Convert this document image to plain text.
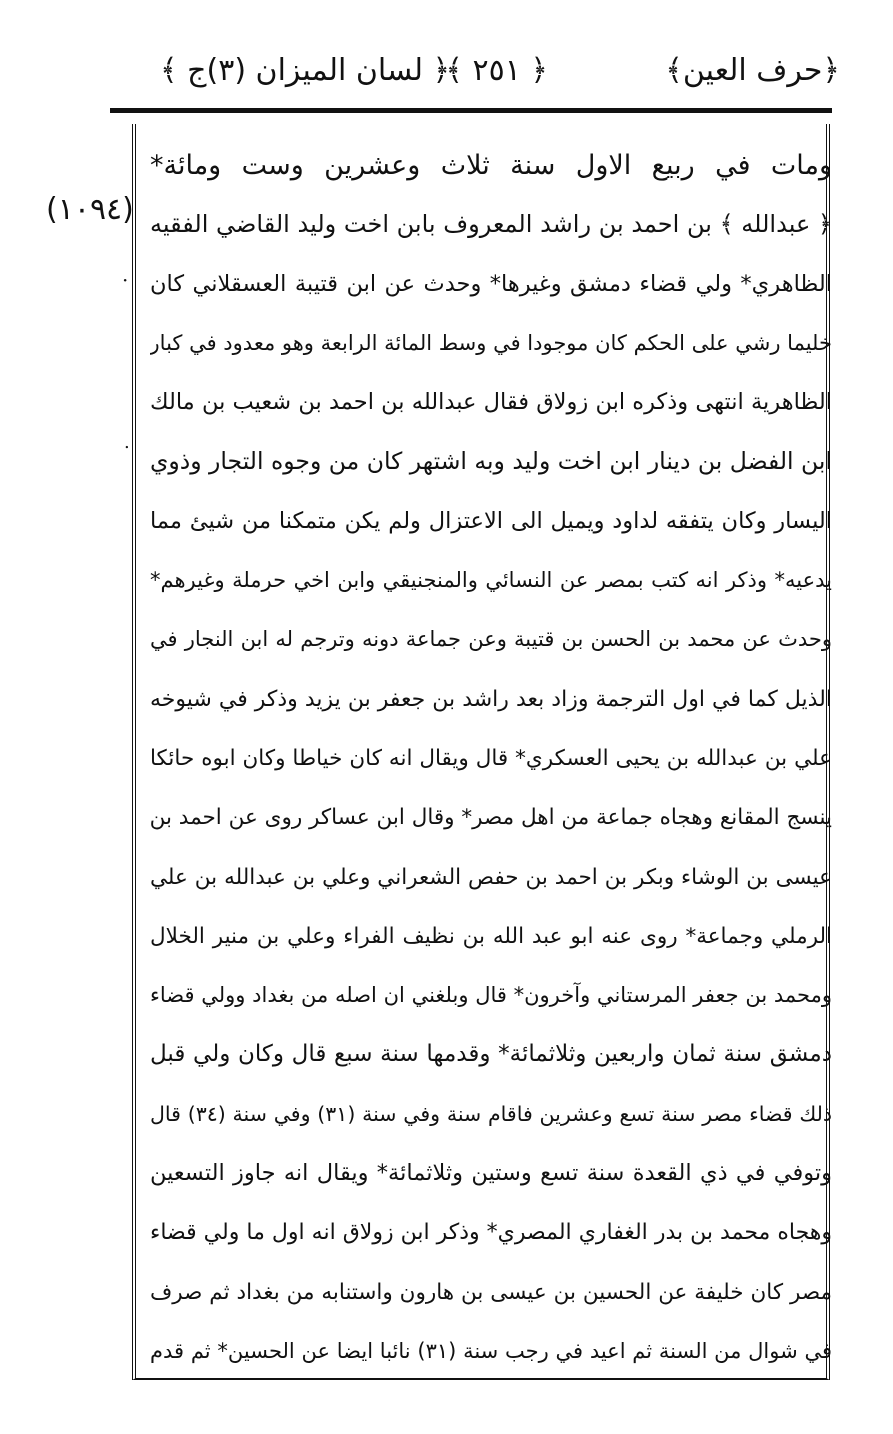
﴿حرف العين﴾
﴿ ٢٥١ ﴾
﴿ لسان الميزان (٣)ج ﴾
(١٠٩٤)
·
.
ومات في ربيع الاول سنة ثلاث وعشرين وست ومائة*
﴿ عبدالله ﴾ بن احمد بن راشد المعروف بابن اخت وليد القاضي الفقيه
الظاهري* ولي قضاء دمشق وغيرها* وحدث عن ابن قتيبة العسقلاني كان
خليما رشي على الحكم كان موجودا في وسط المائة الرابعة وهو معدود في كبار
الظاهرية انتهى وذكره ابن زولاق فقال عبدالله بن احمد بن شعيب بن مالك
ابن الفضل بن دينار ابن اخت وليد وبه اشتهر كان من وجوه التجار وذوي
اليسار وكان يتفقه لداود ويميل الى الاعتزال ولم يكن متمكنا من شيئ مما
يدعيه* وذكر انه كتب بمصر عن النسائي والمنجنيقي وابن اخي حرملة وغيرهم*
وحدث عن محمد بن الحسن بن قتيبة وعن جماعة دونه وترجم له ابن النجار في
الذيل كما في اول الترجمة وزاد بعد راشد بن جعفر بن يزيد وذكر في شيوخه
علي بن عبدالله بن يحيى العسكري* قال ويقال انه كان خياطا وكان ابوه حائكا
ينسج المقانع وهجاه جماعة من اهل مصر* وقال ابن عساكر روى عن احمد بن
عيسى بن الوشاء وبكر بن احمد بن حفص الشعراني وعلي بن عبدالله بن علي
الرملي وجماعة* روى عنه ابو عبد الله بن نظيف الفراء وعلي بن منير الخلال
ومحمد بن جعفر المرستاني وآخرون* قال وبلغني ان اصله من بغداد وولي قضاء
دمشق سنة ثمان واربعين وثلاثمائة* وقدمها سنة سبع قال وكان ولي قبل
ذلك قضاء مصر سنة تسع وعشرين فاقام سنة وفي سنة (٣١) وفي سنة (٣٤) قال
وتوفي في ذي القعدة سنة تسع وستين وثلاثمائة* ويقال انه جاوز التسعين
وهجاه محمد بن بدر الغفاري المصري* وذكر ابن زولاق انه اول ما ولي قضاء
مصر كان خليفة عن الحسين بن عيسى بن هارون واستنابه من بغداد ثم صرف
في شوال من السنة ثم اعيد في رجب سنة (٣١) نائبا ايضا عن الحسين* ثم قدم
